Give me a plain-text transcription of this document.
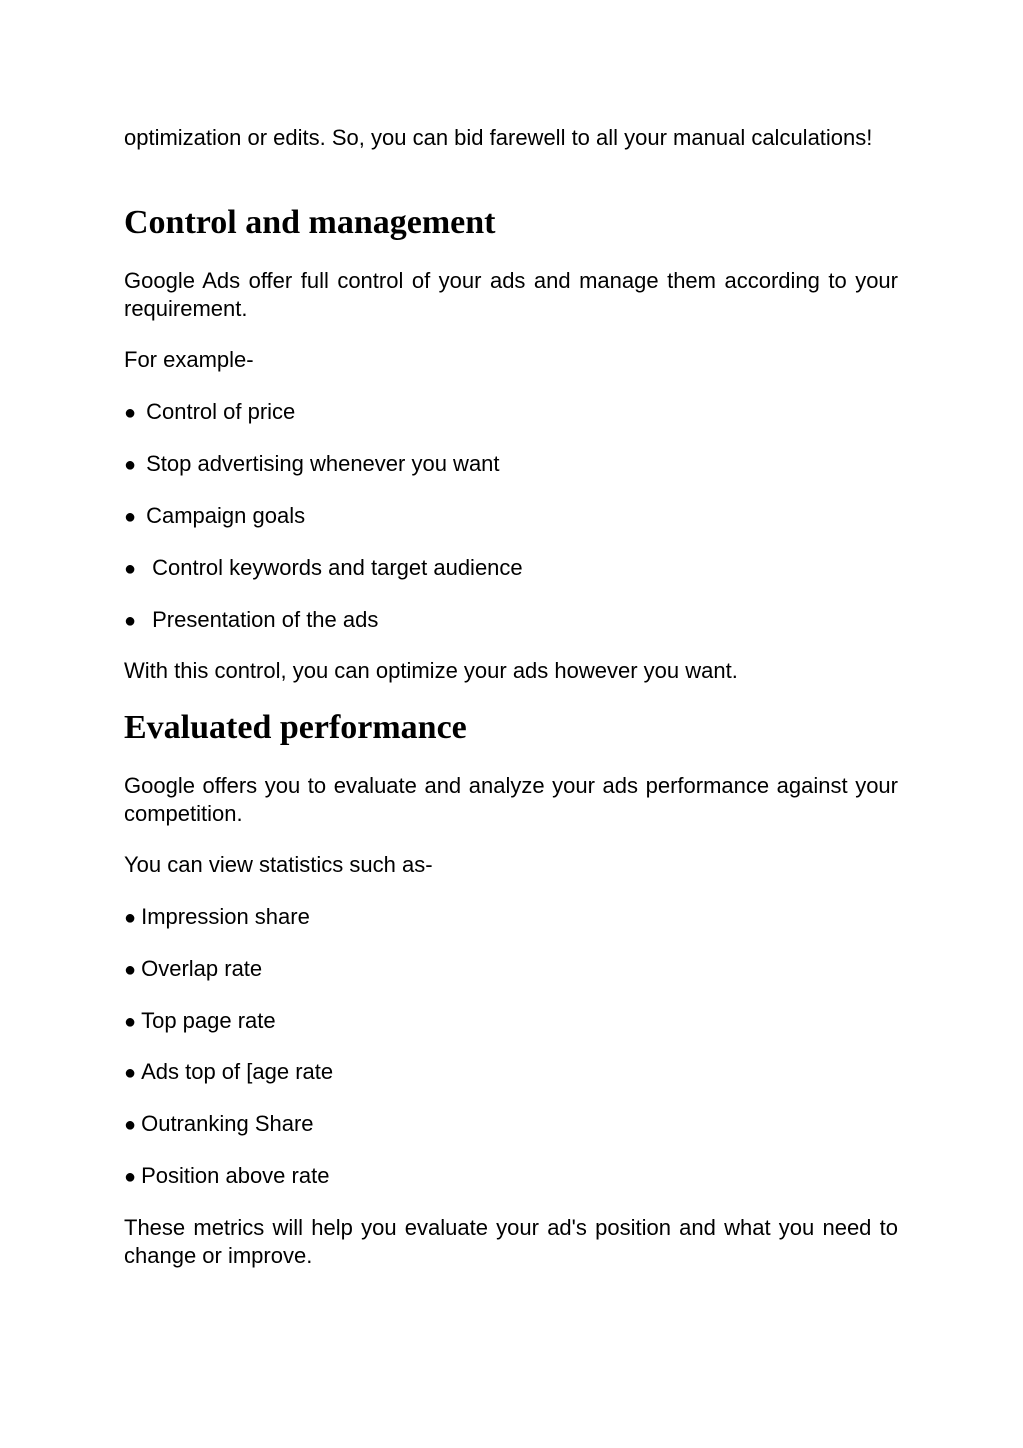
optimization or edits. So, you can bid farewell to all your manual calculations!

Control and management

Google Ads offer full control of your ads and manage them according to your requirement.

For example-

● Control of price
● Stop advertising whenever you want
● Campaign goals
● Control keywords and target audience
● Presentation of the ads

With this control, you can optimize your ads however you want.

Evaluated performance

Google offers you to evaluate and analyze your ads performance against your competition.

You can view statistics such as-

● Impression share
● Overlap rate
● Top page rate
● Ads top of [age rate
● Outranking Share
● Position above rate

These metrics will help you evaluate your ad's position and what you need to change or improve.
